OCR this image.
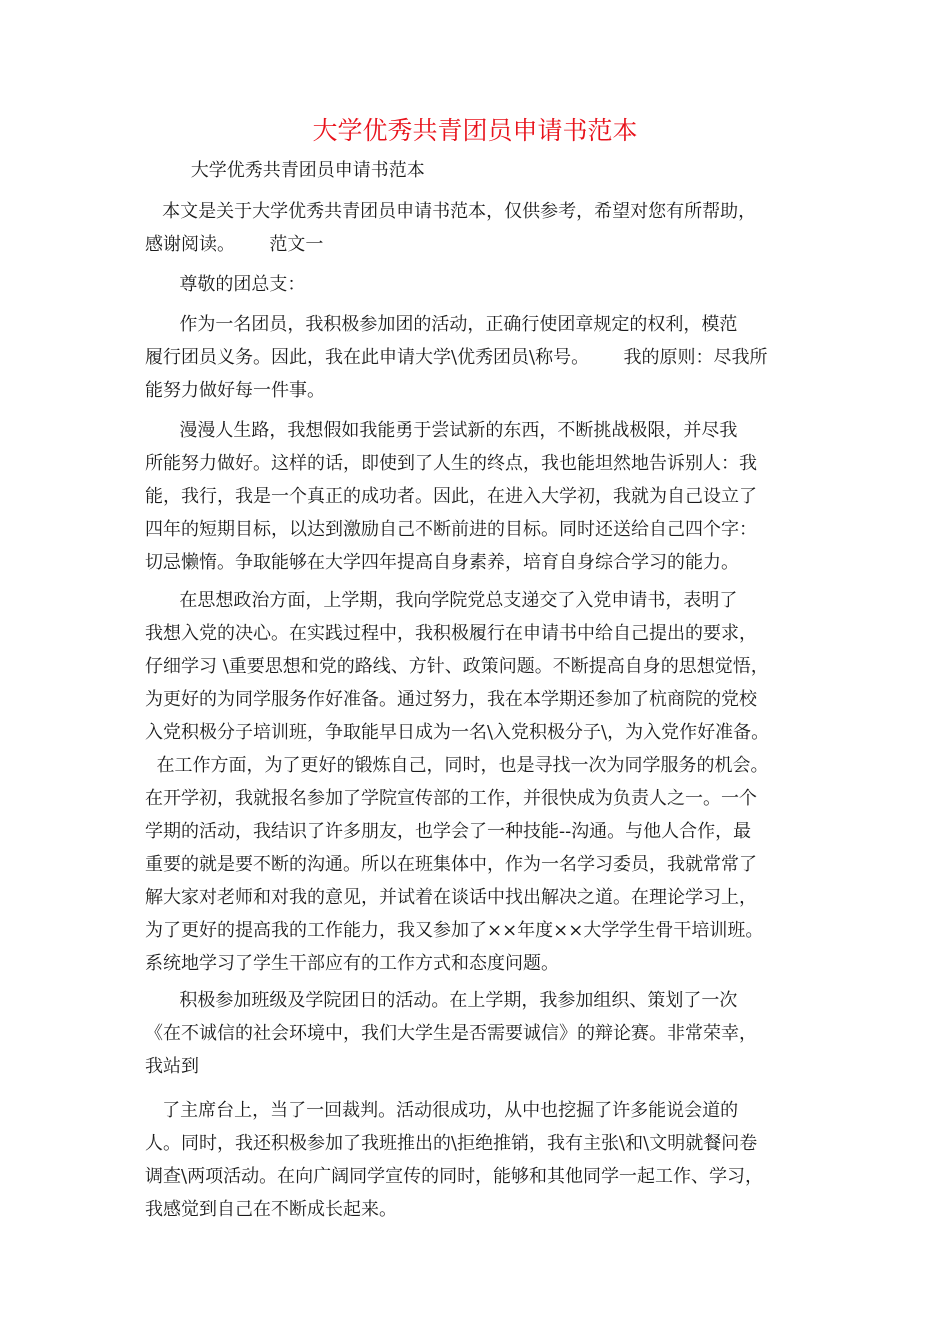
大学优秀共青团员申请书范本
大学优秀共青团员申请书范本
本文是关于大学优秀共青团员申请书范本，仅供参考，希望对您有所帮助，
感谢阅读。      范文一
尊敬的团总支：
作为一名团员，我积极参加团的活动，正确行使团章规定的权利，模范
履行团员义务。因此，我在此申请大学\优秀团员\称号。      我的原则：尽我所
能努力做好每一件事。
漫漫人生路，我想假如我能勇于尝试新的东西，不断挑战极限，并尽我
所能努力做好。这样的话，即使到了人生的终点，我也能坦然地告诉别人：我
能，我行，我是一个真正的成功者。因此，在进入大学初，我就为自己设立了
四年的短期目标，以达到激励自己不断前进的目标。同时还送给自己四个字：
切忌懒惰。争取能够在大学四年提高自身素养，培育自身综合学习的能力。
在思想政治方面，上学期，我向学院党总支递交了入党申请书，表明了
我想入党的决心。在实践过程中，我积极履行在申请书中给自己提出的要求，
仔细学习 \重要思想和党的路线、方针、政策问题。不断提高自身的思想觉悟，
为更好的为同学服务作好准备。通过努力，我在本学期还参加了杭商院的党校
入党积极分子培训班，争取能早日成为一名\入党积极分子\，为入党作好准备。
在工作方面，为了更好的锻炼自己，同时，也是寻找一次为同学服务的机会。
在开学初，我就报名参加了学院宣传部的工作，并很快成为负责人之一。一个
学期的活动，我结识了许多朋友，也学会了一种技能--沟通。与他人合作，最
重要的就是要不断的沟通。所以在班集体中，作为一名学习委员，我就常常了
解大家对老师和对我的意见，并试着在谈话中找出解决之道。在理论学习上，
为了更好的提高我的工作能力，我又参加了××年度××大学学生骨干培训班。
系统地学习了学生干部应有的工作方式和态度问题。
积极参加班级及学院团日的活动。在上学期，我参加组织、策划了一次
《在不诚信的社会环境中，我们大学生是否需要诚信》的辩论赛。非常荣幸，
我站到
了主席台上，当了一回裁判。活动很成功，从中也挖掘了许多能说会道的
人。同时，我还积极参加了我班推出的\拒绝推销，我有主张\和\文明就餐问卷
调查\两项活动。在向广阔同学宣传的同时，能够和其他同学一起工作、学习，
我感觉到自己在不断成长起来。
